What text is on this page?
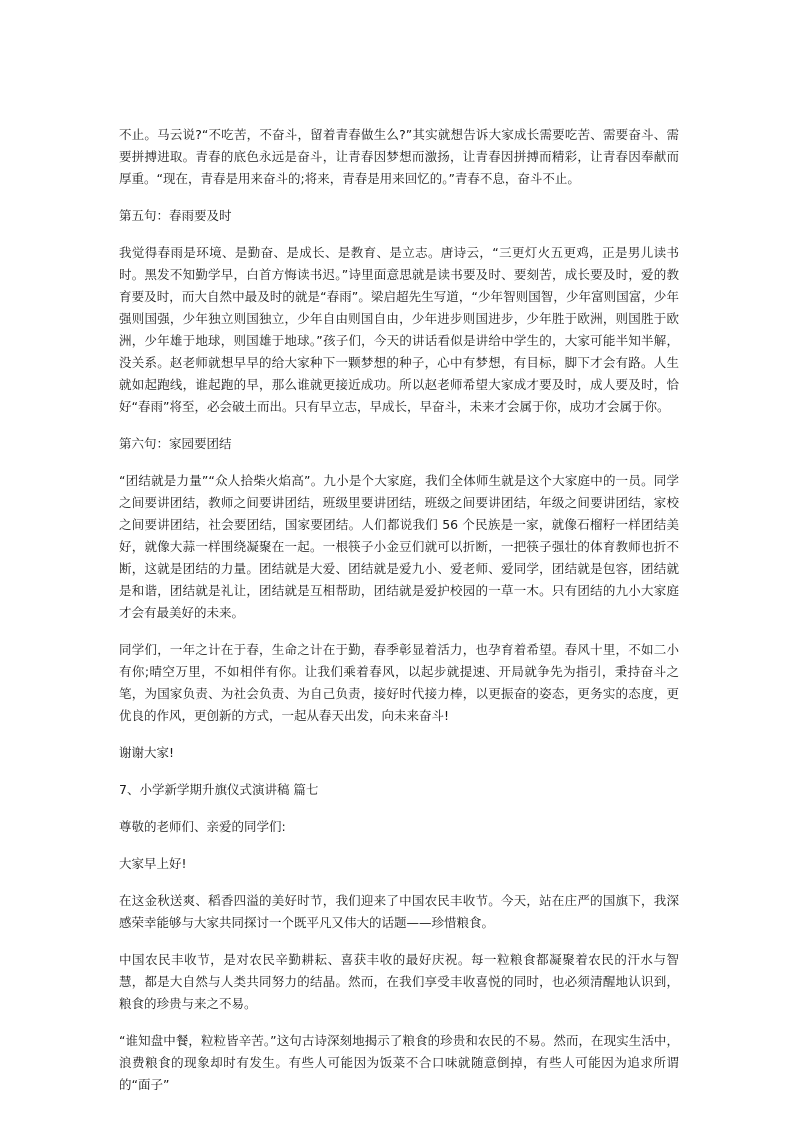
不止。马云说?“不吃苦，不奋斗，留着青春做生么?”其实就想告诉大家成长需要吃苦、需要奋斗、需要拼搏进取。青春的底色永远是奋斗，让青春因梦想而激扬，让青春因拼搏而精彩，让青春因奉献而厚重。“现在，青春是用来奋斗的;将来，青春是用来回忆的。”青春不息，奋斗不止。

第五句：春雨要及时

我觉得春雨是环境、是勤奋、是成长、是教育、是立志。唐诗云，“三更灯火五更鸡，正是男儿读书时。黑发不知勤学早，白首方悔读书迟。”诗里面意思就是读书要及时、要刻苦，成长要及时，爱的教育要及时，而大自然中最及时的就是“春雨”。梁启超先生写道，“少年智则国智，少年富则国富，少年强则国强，少年独立则国独立，少年自由则国自由，少年进步则国进步，少年胜于欧洲，则国胜于欧洲，少年雄于地球，则国雄于地球。”孩子们，今天的讲话看似是讲给中学生的，大家可能半知半解，没关系。赵老师就想早早的给大家种下一颗梦想的种子，心中有梦想，有目标，脚下才会有路。人生就如起跑线，谁起跑的早，那么谁就更接近成功。所以赵老师希望大家成才要及时，成人要及时，恰好“春雨”将至，必会破土而出。只有早立志，早成长，早奋斗，未来才会属于你，成功才会属于你。

第六句：家园要团结

“团结就是力量”“众人拾柴火焰高”。九小是个大家庭，我们全体师生就是这个大家庭中的一员。同学之间要讲团结，教师之间要讲团结，班级里要讲团结，班级之间要讲团结，年级之间要讲团结，家校之间要讲团结，社会要团结，国家要团结。人们都说我们 56 个民族是一家，就像石榴籽一样团结美好，就像大蒜一样围绕凝聚在一起。一根筷子小金豆们就可以折断，一把筷子强壮的体育教师也折不断，这就是团结的力量。团结就是大爱、团结就是爱九小、爱老师、爱同学，团结就是包容，团结就是和谐，团结就是礼让，团结就是互相帮助，团结就是爱护校园的一草一木。只有团结的九小大家庭才会有最美好的未来。

同学们，一年之计在于春，生命之计在于勤，春季彰显着活力，也孕育着希望。春风十里，不如二小有你;晴空万里，不如相伴有你。让我们乘着春风，以起步就提速、开局就争先为指引，秉持奋斗之笔，为国家负责、为社会负责、为自己负责，接好时代接力棒，以更振奋的姿态，更务实的态度，更优良的作风，更创新的方式，一起从春天出发，向未来奋斗!

谢谢大家!

7、小学新学期升旗仪式演讲稿 篇七

尊敬的老师们、亲爱的同学们:

大家早上好!

在这金秋送爽、稻香四溢的美好时节，我们迎来了中国农民丰收节。今天，站在庄严的国旗下，我深感荣幸能够与大家共同探讨一个既平凡又伟大的话题——珍惜粮食。

中国农民丰收节，是对农民辛勤耕耘、喜获丰收的最好庆祝。每一粒粮食都凝聚着农民的汗水与智慧，都是大自然与人类共同努力的结晶。然而，在我们享受丰收喜悦的同时，也必须清醒地认识到，粮食的珍贵与来之不易。

“谁知盘中餐，粒粒皆辛苦。”这句古诗深刻地揭示了粮食的珍贵和农民的不易。然而，在现实生活中，浪费粮食的现象却时有发生。有些人可能因为饭菜不合口味就随意倒掉，有些人可能因为追求所谓的“面子”
